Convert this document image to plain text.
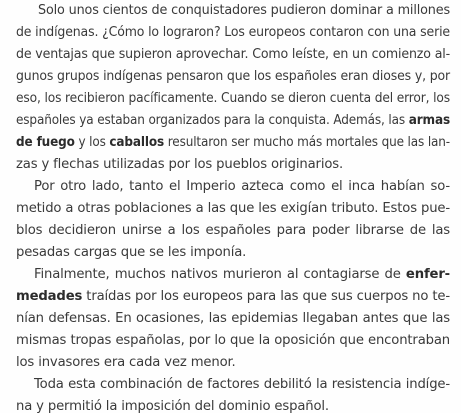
Solo unos cientos de conquistadores pudieron dominar a millones
de indígenas. ¿Cómo lo lograron? Los europeos contaron con una serie
de ventajas que supieron aprovechar. Como leíste, en un comienzo al-
gunos grupos indígenas pensaron que los españoles eran dioses y, por
eso, los recibieron pacíficamente. Cuando se dieron cuenta del error, los
españoles ya estaban organizados para la conquista. Además, las armas
de fuego y los caballos resultaron ser mucho más mortales que las lan-
zas y flechas utilizadas por los pueblos originarios.
Por otro lado, tanto el Imperio azteca como el inca habían so-
metido a otras poblaciones a las que les exigían tributo. Estos pue-
blos decidieron unirse a los españoles para poder librarse de las
pesadas cargas que se les imponía.
Finalmente, muchos nativos murieron al contagiarse de enfer-
medades traídas por los europeos para las que sus cuerpos no te-
nían defensas. En ocasiones, las epidemias llegaban antes que las
mismas tropas españolas, por lo que la oposición que encontraban
los invasores era cada vez menor.
Toda esta combinación de factores debilitó la resistencia indíge-
na y permitió la imposición del dominio español.
